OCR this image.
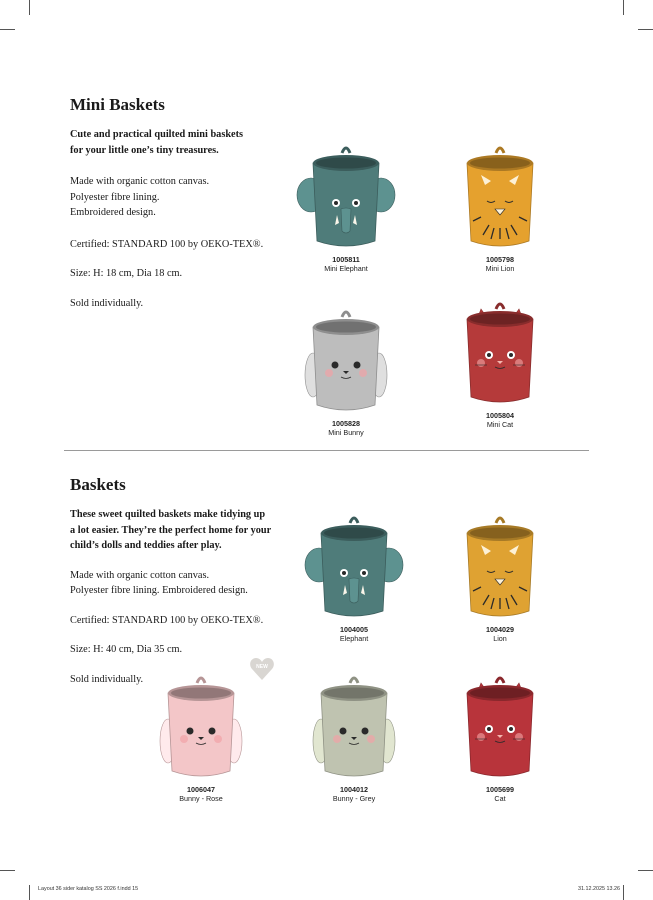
Mini Baskets

Cute and practical quilted mini baskets
for your little one’s tiny treasures.

Made with organic cotton canvas.
Polyester fibre lining.
Embroidered design.

Certified: STANDARD 100 by OEKO-TEX®.

Size: H: 18 cm, Dia 18 cm.

Sold individually.

1005811
Mini Elephant
1005798
Mini Lion
1005828
Mini Bunny
1005804
Mini Cat
Baskets

These sweet quilted baskets make tidying up
a lot easier. They’re the perfect home for your
child’s dolls and teddies after play.

Made with organic cotton canvas.
Polyester fibre lining. Embroidered design.

Certified: STANDARD 100 by OEKO-TEX®.

Size: H: 40 cm, Dia 35 cm.

Sold individually.

1004005
Elephant
1004029
Lion
1006047
Bunny - Rose
1004012
Bunny - Grey
1005699
Cat
NEW
Layout 36 sider katalog SS 2026 f.indd 15	31.12.2025 13.26
